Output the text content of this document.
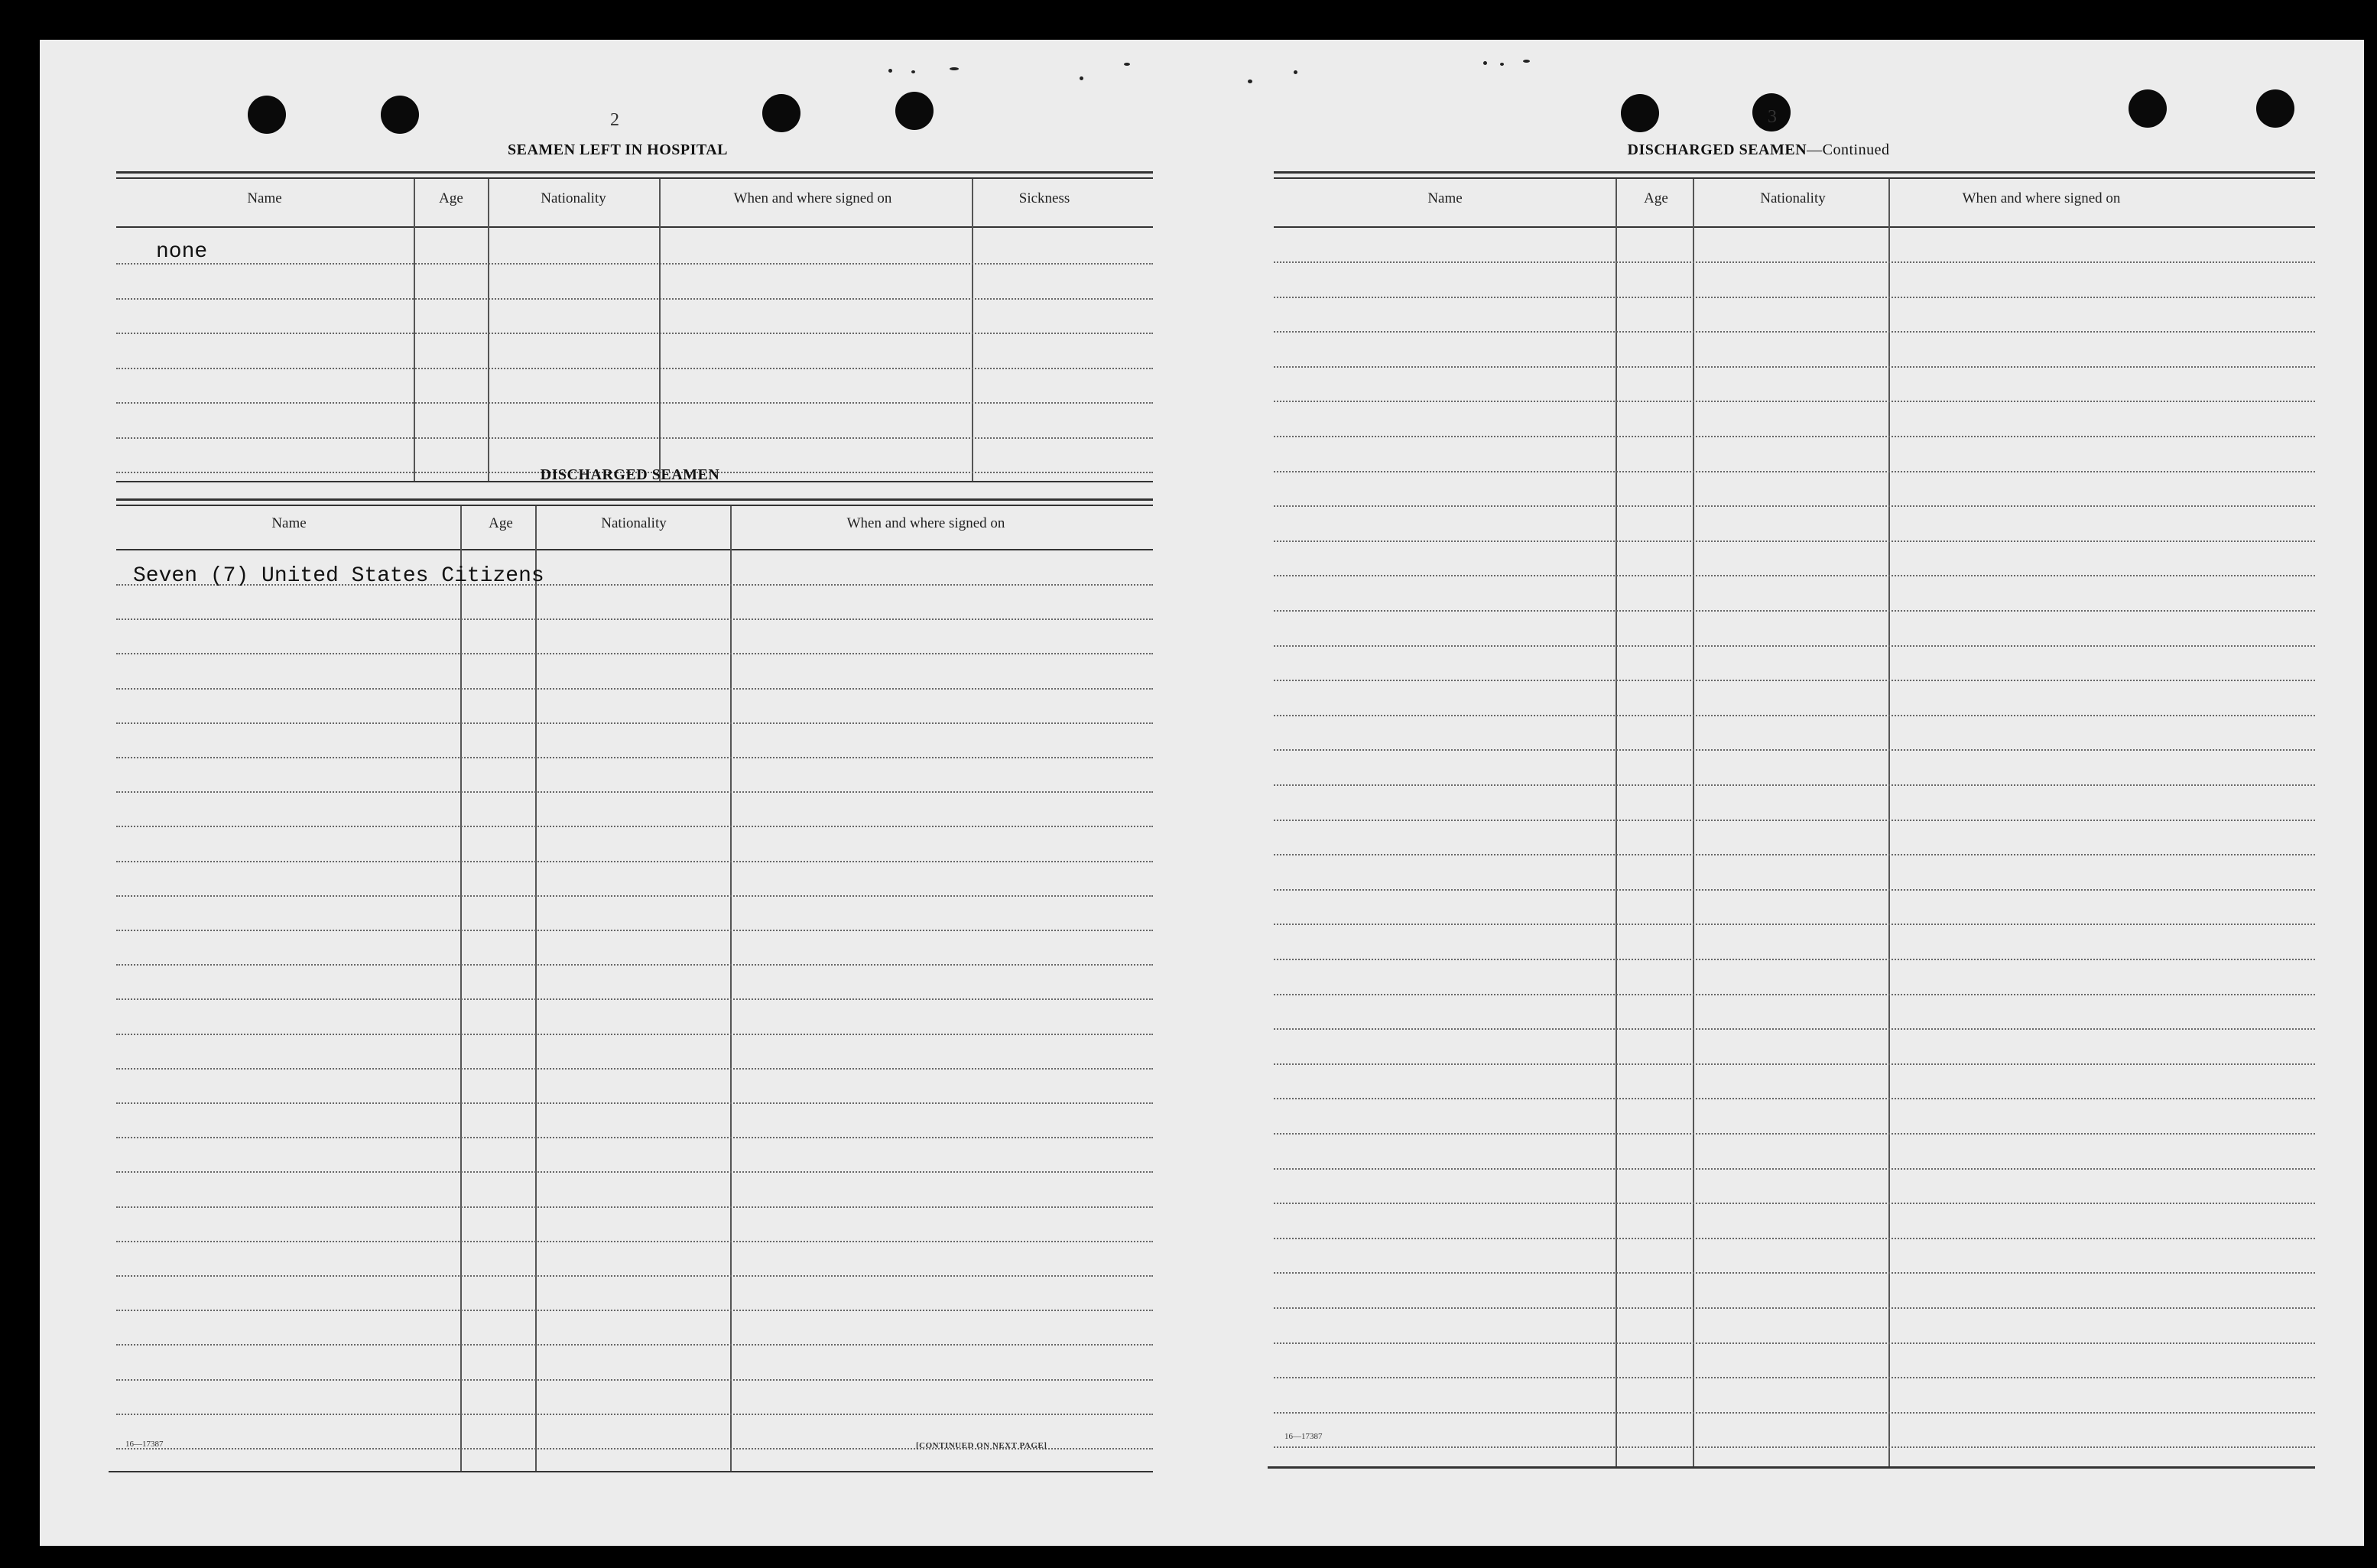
2
SEAMEN LEFT IN HOSPITAL
Name	Age	Nationality	When and where signed on	Sickness
none
DISCHARGED SEAMEN
Name	Age	Nationality	When and where signed on
Seven (7) United States Citizens
16—17387	[CONTINUED ON NEXT PAGE]
3
DISCHARGED SEAMEN—Continued
Name	Age	Nationality	When and where signed on
16—17387
